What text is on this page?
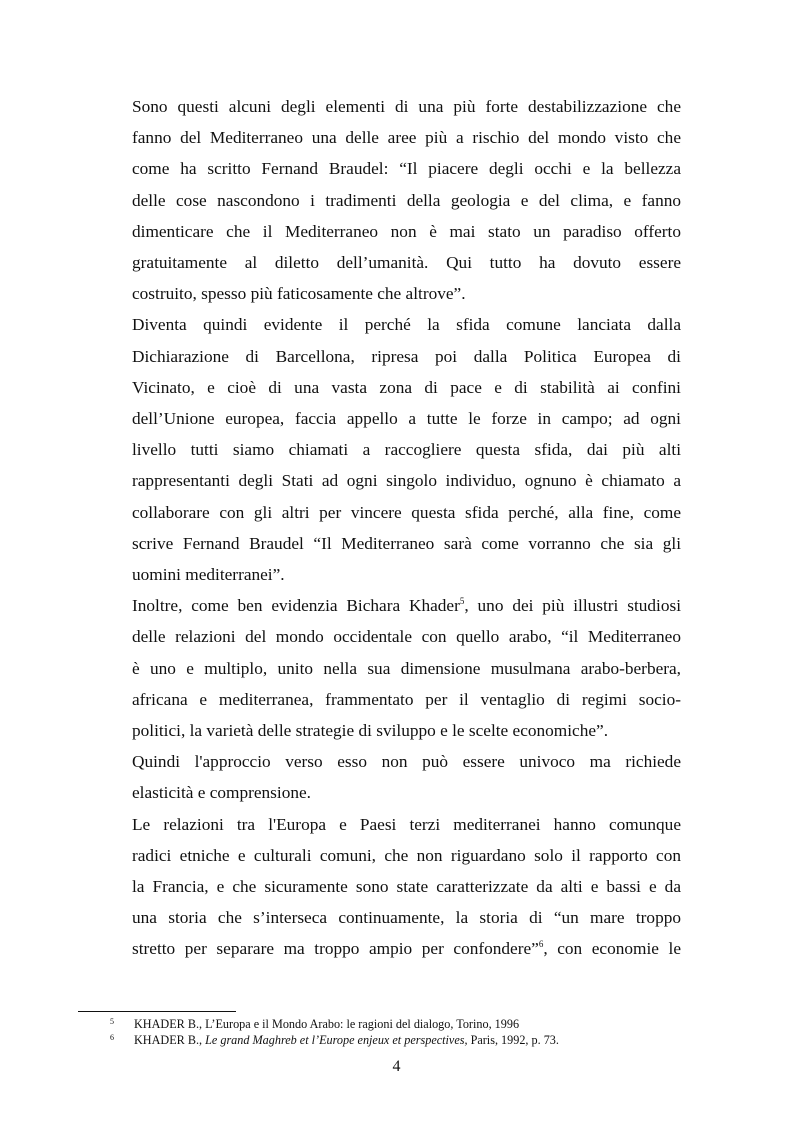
Sono questi alcuni degli elementi di una più forte destabilizzazione che
fanno del Mediterraneo una delle aree più a rischio del mondo visto che
come ha scritto Fernand Braudel: “Il piacere degli occhi e la bellezza
delle cose nascondono i tradimenti della geologia e del clima, e fanno
dimenticare che il Mediterraneo non è mai stato un paradiso offerto
gratuitamente al diletto dell’umanità. Qui tutto ha dovuto essere
costruito, spesso più faticosamente che altrove”.

Diventa quindi evidente il perché la sfida comune lanciata dalla
Dichiarazione di Barcellona, ripresa poi dalla Politica Europea di
Vicinato, e cioè di una vasta zona di pace e di stabilità ai confini
dell’Unione europea, faccia appello a tutte le forze in campo; ad ogni
livello tutti siamo chiamati a raccogliere questa sfida, dai più alti
rappresentanti degli Stati ad ogni singolo individuo, ognuno è chiamato a
collaborare con gli altri per vincere questa sfida perché, alla fine, come
scrive Fernand Braudel “Il Mediterraneo sarà come vorranno che sia gli
uomini mediterranei”.

Inoltre, come ben evidenzia Bichara Khader$^5$, uno dei più illustri studiosi
delle relazioni del mondo occidentale con quello arabo, “il Mediterraneo
è uno e multiplo, unito nella sua dimensione musulmana arabo-berbera,
africana e mediterranea, frammentato per il ventaglio di regimi socio-
politici, la varietà delle strategie di sviluppo e le scelte economiche”.

Quindi l'approccio verso esso non può essere univoco ma richiede
elasticità e comprensione.

Le relazioni tra l'Europa e Paesi terzi mediterranei hanno comunque
radici etniche e culturali comuni, che non riguardano solo il rapporto con
la Francia, e che sicuramente sono state caratterizzate da alti e bassi e da
una storia che s’interseca continuamente, la storia di “un mare troppo
stretto per separare ma troppo ampio per confondere”$^6$, con economie le

5	KHADER B., L’Europa e il Mondo Arabo: le ragioni del dialogo, Torino, 1996
6	KHADER B., Le grand Maghreb et l’Europe enjeux et perspectives, Paris, 1992, p. 73.
4
